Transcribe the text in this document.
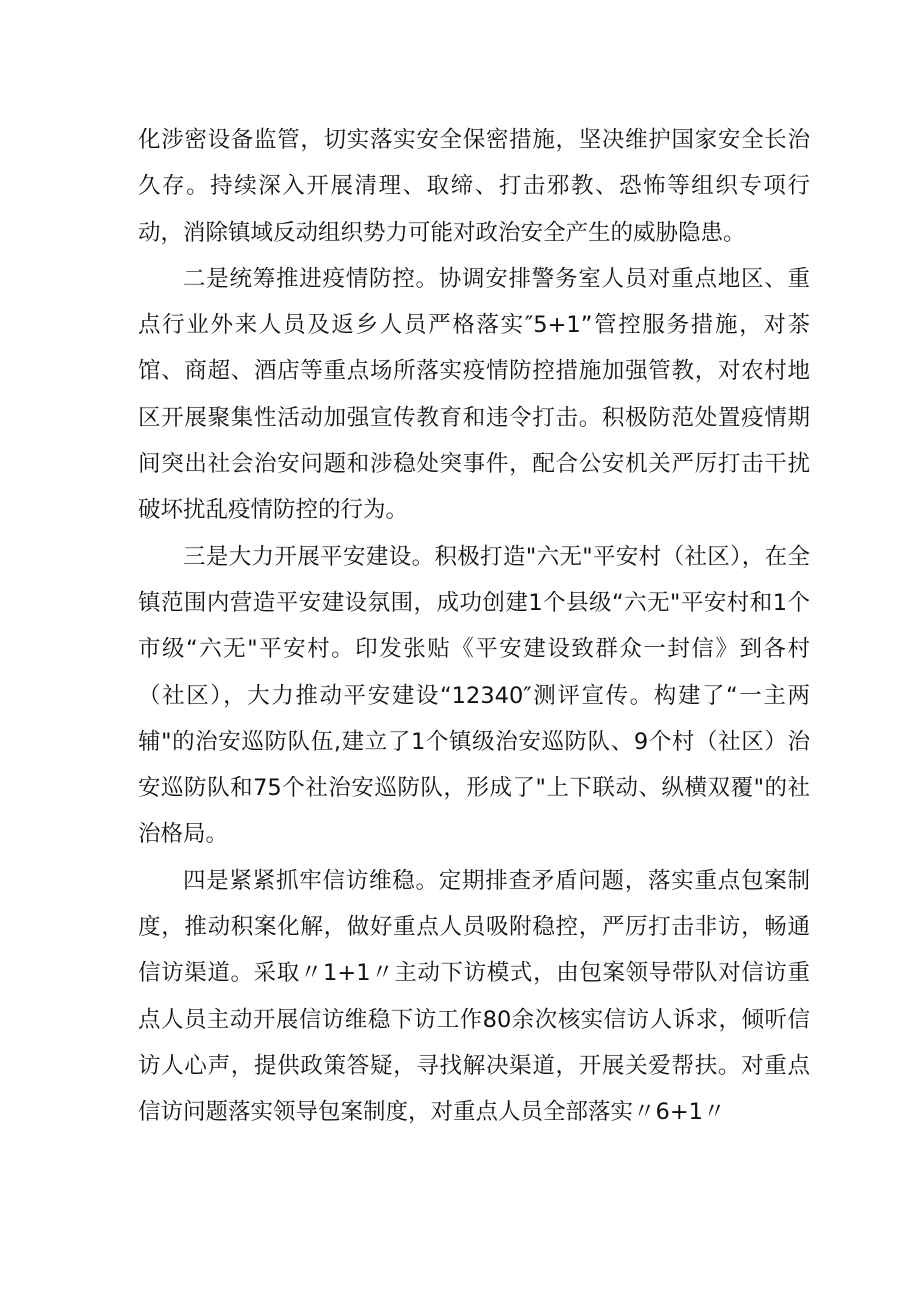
化涉密设备监管，切实落实安全保密措施，坚决维护国家安全长治久存。持续深入开展清理、取缔、打击邪教、恐怖等组织专项行动，消除镇域反动组织势力可能对政治安全产生的威胁隐患。

二是统筹推进疫情防控。协调安排警务室人员对重点地区、重点行业外来人员及返乡人员严格落实″5+1”管控服务措施，对茶馆、商超、酒店等重点场所落实疫情防控措施加强管教，对农村地区开展聚集性活动加强宣传教育和违令打击。积极防范处置疫情期间突出社会治安问题和涉稳处突事件，配合公安机关严厉打击干扰破坏扰乱疫情防控的行为。

三是大力开展平安建设。积极打造"六无"平安村（社区），在全镇范围内营造平安建设氛围，成功创建1个县级“六无"平安村和1个市级“六无"平安村。印发张贴《平安建设致群众一封信》到各村（社区），大力推动平安建设“12340″测评宣传。构建了“一主两辅"的治安巡防队伍,建立了1个镇级治安巡防队、9个村（社区）治安巡防队和75个社治安巡防队，形成了"上下联动、纵横双覆"的社治格局。

四是紧紧抓牢信访维稳。定期排查矛盾问题，落实重点包案制度，推动积案化解，做好重点人员吸附稳控，严厉打击非访，畅通信访渠道。采取〃1+1〃主动下访模式，由包案领导带队对信访重点人员主动开展信访维稳下访工作80余次核实信访人诉求，倾听信访人心声，提供政策答疑，寻找解决渠道，开展关爱帮扶。对重点信访问题落实领导包案制度，对重点人员全部落实〃6+1〃
